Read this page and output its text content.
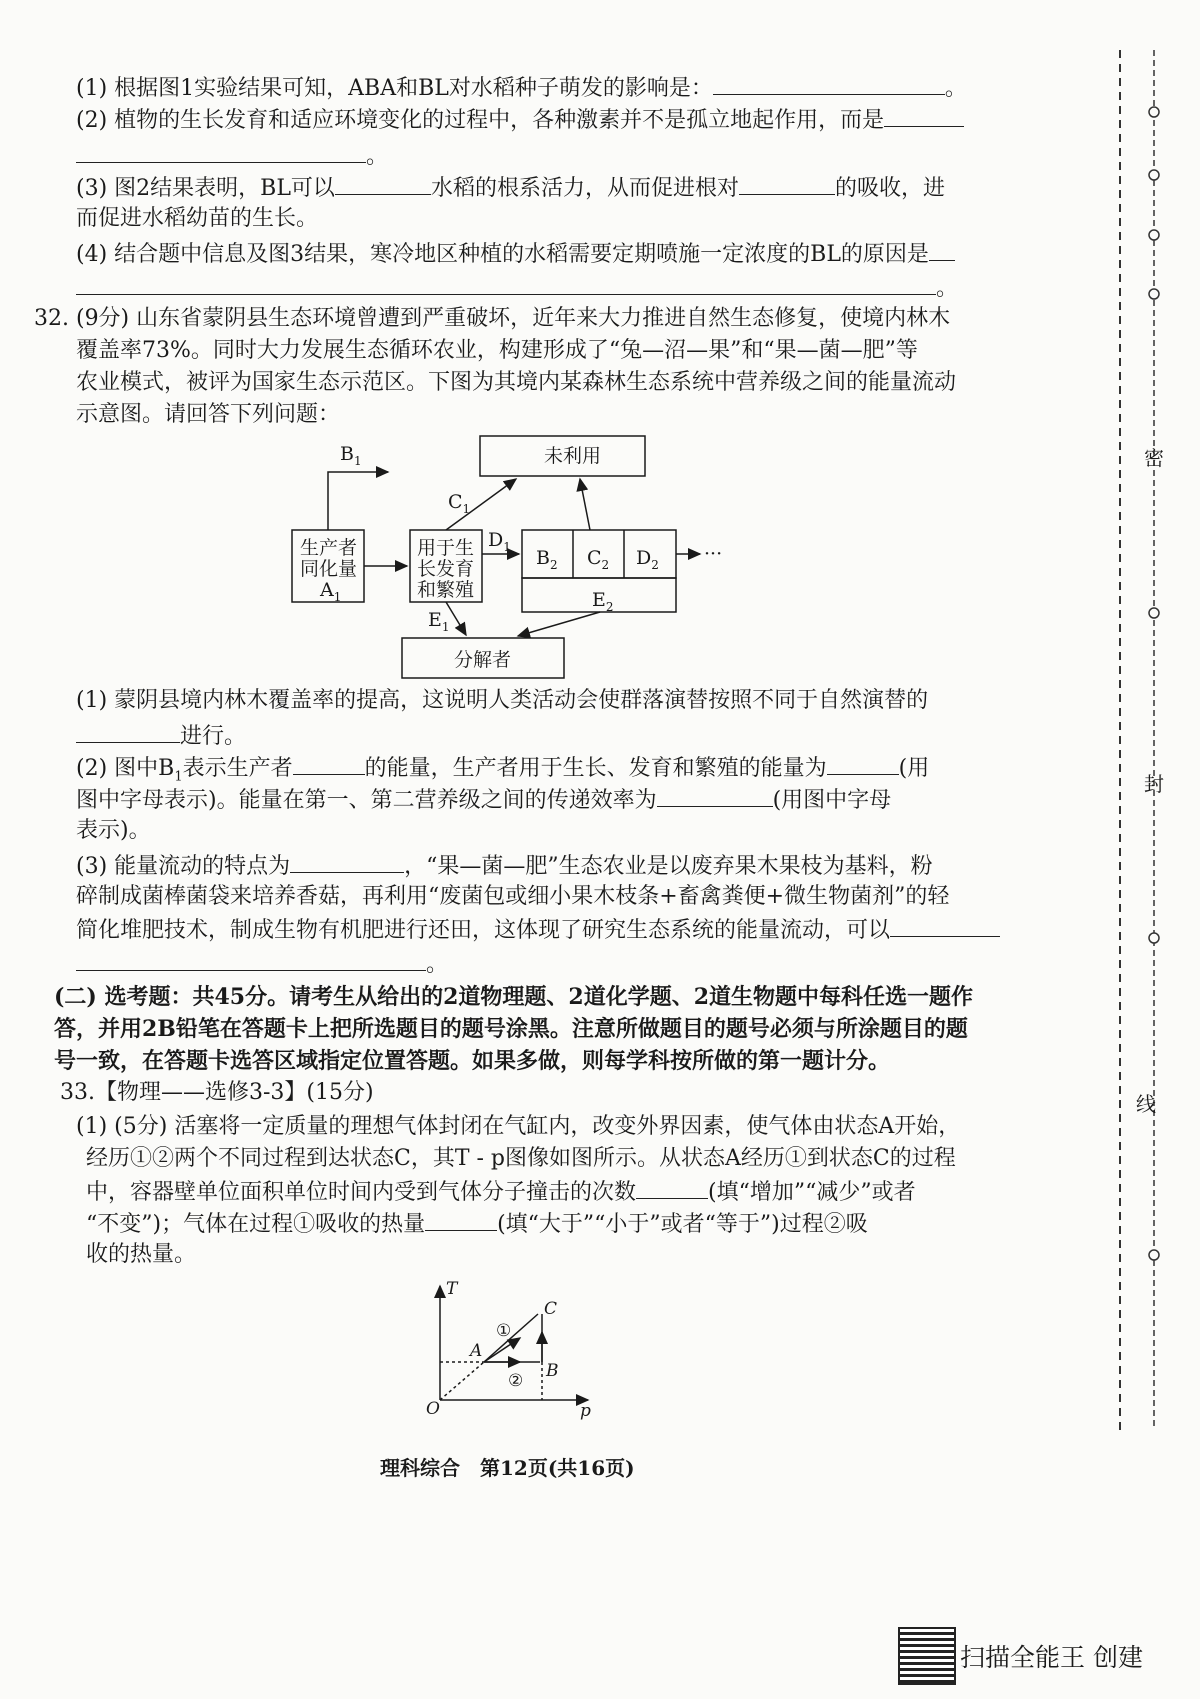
(1) 根据图1实验结果可知，ABA和BL对水稻种子萌发的影响是：	。
(2) 植物的生长发育和适应环境变化的过程中，各种激素并不是孤立地起作用，而是
。
(3) 图2结果表明，BL可以	水稻的根系活力，从而促进根对	的吸收，进
而促进水稻幼苗的生长。
(4) 结合题中信息及图3结果，寒冷地区种植的水稻需要定期喷施一定浓度的BL的原因是
。
32. (9分) 山东省蒙阴县生态环境曾遭到严重破坏，近年来大力推进自然生态修复，使境内林木
覆盖率73%。同时大力发展生态循环农业，构建形成了“兔—沼—果”和“果—菌—肥”等
农业模式，被评为国家生态示范区。下图为其境内某森林生态系统中营养级之间的能量流动
示意图。请回答下列问题：
$B_1$	未利用
$C_1$
生产者
同化量
$A_1$
用于生
长发育
和繁殖
$D_1$ $B_2$ $C_2$ $D_2$
$E_2$
···
$E_1$
分解者
(1) 蒙阴县境内林木覆盖率的提高，这说明人类活动会使群落演替按照不同于自然演替的
进行。
(2) 图中$B_1$表示生产者	的能量，生产者用于生长、发育和繁殖的能量为	(用
图中字母表示)。能量在第一、第二营养级之间的传递效率为	(用图中字母
表示)。
(3) 能量流动的特点为	，“果—菌—肥”生态农业是以废弃果木果枝为基料，粉
碎制成菌棒菌袋来培养香菇，再利用“废菌包或细小果木枝条+畜禽粪便+微生物菌剂”的轻
简化堆肥技术，制成生物有机肥进行还田，这体现了研究生态系统的能量流动，可以
。
(二) 选考题：共45分。请考生从给出的2道物理题、2道化学题、2道生物题中每科任选一题作
答，并用2B铅笔在答题卡上把所选题目的题号涂黑。注意所做题目的题号必须与所涂题目的题
号一致，在答题卡选答区域指定位置答题。如果多做，则每学科按所做的第一题计分。
33.【物理——选修3-3】(15分)
(1) (5分) 活塞将一定质量的理想气体封闭在气缸内，改变外界因素，使气体由状态A开始，
经历①②两个不同过程到达状态C，其T - p图像如图所示。从状态A经历①到状态C的过程
中，容器壁单位面积单位时间内受到气体分子撞击的次数	(填“增加”“减少”或者
“不变”)；气体在过程①吸收的热量	(填“大于”“小于”或者“等于”)过程②吸
收的热量。
T
p
O
A
B
C
①
②
理科综合　第12页(共16页)
密
封
线
扫描全能王 创建
